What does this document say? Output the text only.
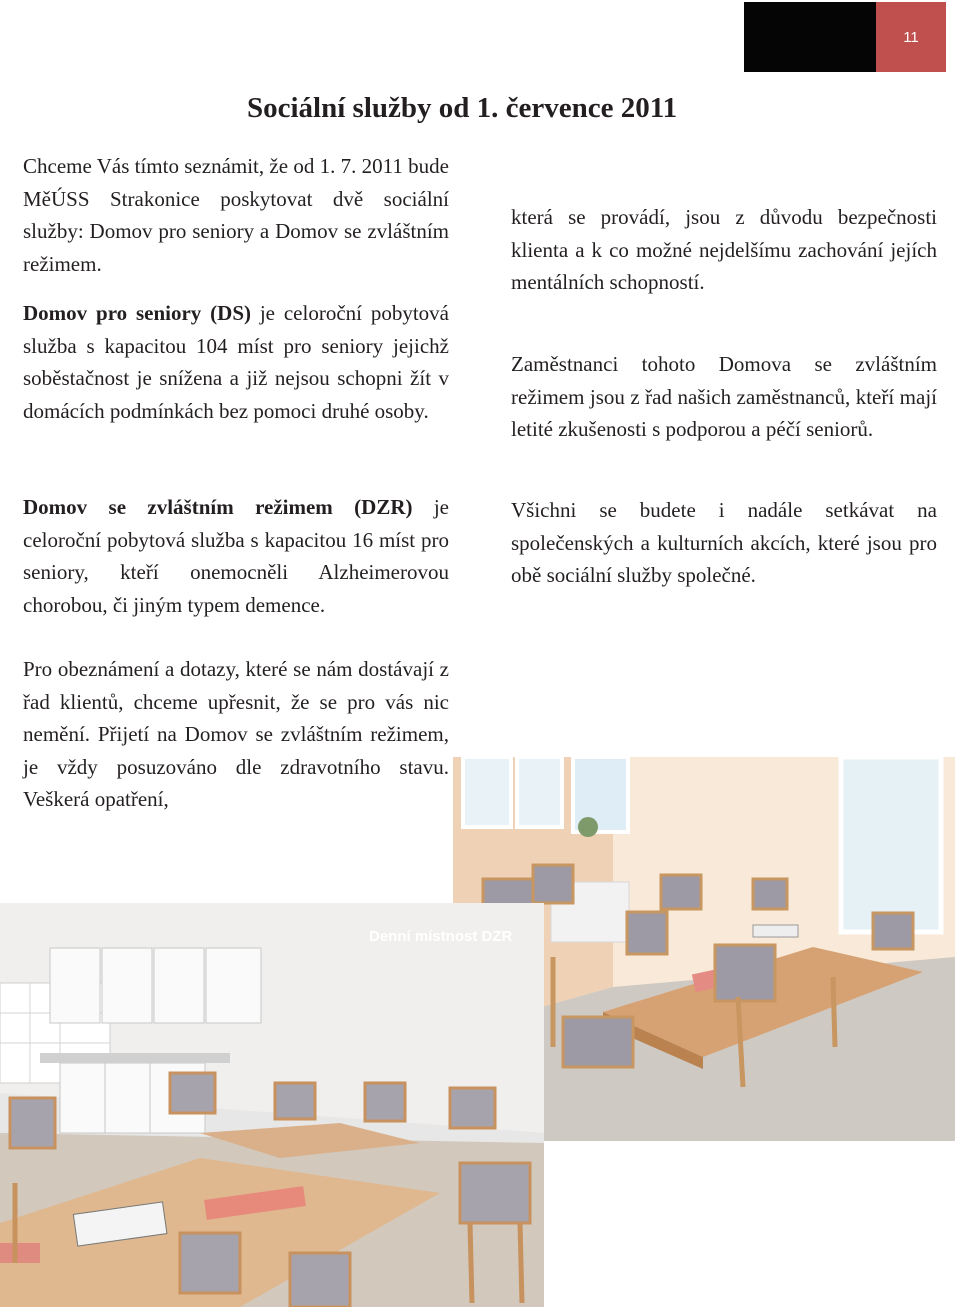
11
Sociální služby od 1. července 2011

Chceme Vás tímto seznámit, že od 1. 7. 2011 bude MěÚSS Strakonice poskytovat dvě sociální služby: Domov pro seniory a Domov se zvláštním režimem.

Domov pro seniory (DS) je celoroční pobytová služba s kapacitou 104 míst pro seniory jejichž soběstačnost je snížena a již nejsou schopni žít v domácích podmínkách bez pomoci druhé osoby.

Domov se zvláštním režimem (DZR) je celoroční pobytová služba s kapacitou 16 míst pro seniory, kteří onemocněli Alzheimerovou chorobou, či jiným typem demence.

Pro obeznámení a dotazy, které se nám dostávají z řad klientů, chceme upřesnit, že se pro vás nic nemění. Přijetí na Domov se zvláštním režimem, je vždy posuzováno dle zdravotního stavu. Veškerá opatření,

která se provádí, jsou z důvodu bezpečnosti klienta a k co možné nejdelšímu zachování jejích mentálních schopností.

Zaměstnanci tohoto Domova se zvláštním režimem jsou z řad našich zaměstnanců, kteří mají letité zkušenosti s podporou a péčí seniorů.

Všichni se budete i nadále setkávat na společenských a kulturních akcích, které jsou pro obě sociální služby společné.

Denní místnost DZR
